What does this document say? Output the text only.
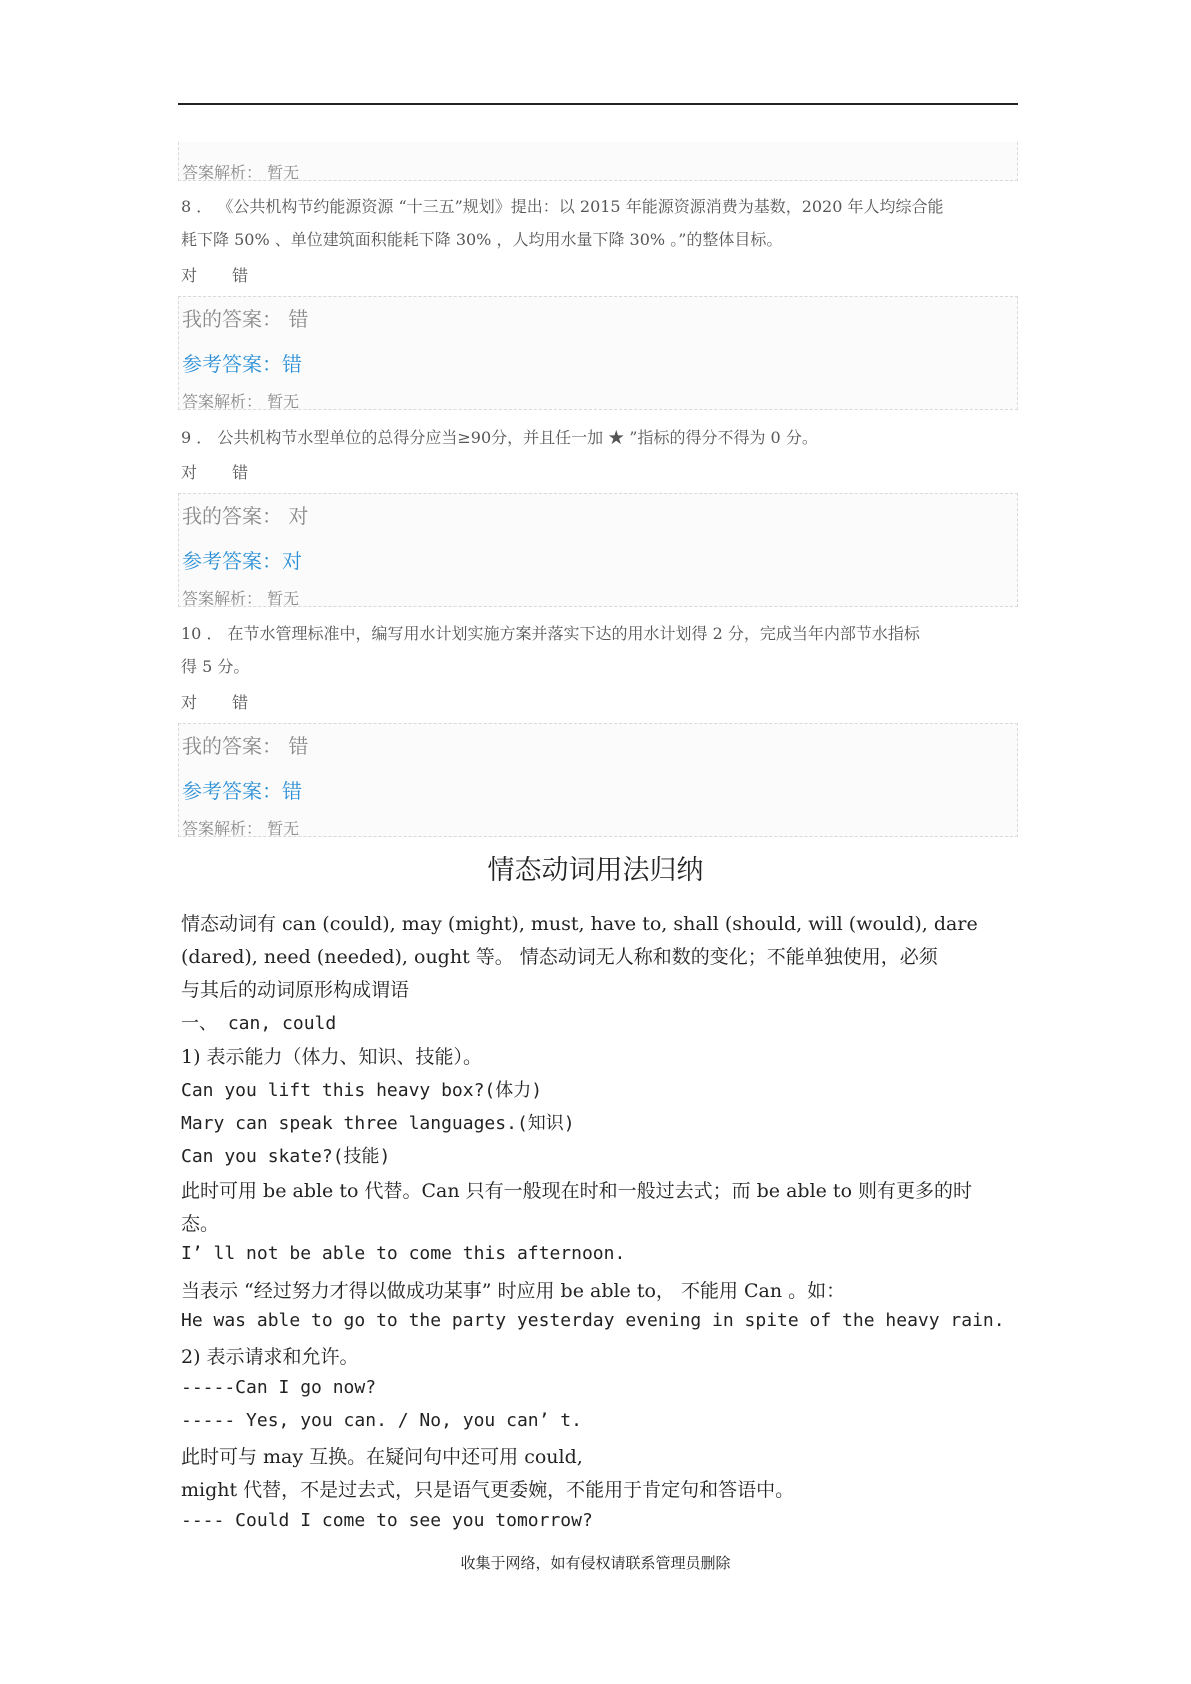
答案解析： 暂无
8 ． 《公共机构节约能源资源 “十三五”规划》提出：以 2015 年能源资源消费为基数，2020 年人均综合能
耗下降 50% 、单位建筑面积能耗下降 30% ，人均用水量下降 30% 。”的整体目标。
对 错
我的答案： 错
参考答案：错
答案解析： 暂无
9 ． 公共机构节水型单位的总得分应当≥90分，并且任一加 ★ ”指标的得分不得为 0 分。
对 错
我的答案： 对
参考答案：对
答案解析： 暂无
10 ． 在节水管理标准中，编写用水计划实施方案并落实下达的用水计划得 2 分，完成当年内部节水指标
得 5 分。
对 错
我的答案： 错
参考答案：错
答案解析： 暂无
情态动词用法归纳
情态动词有 can (could), may (might), must, have to, shall (should, will (would), dare
(dared), need (needed), ought 等。 情态动词无人称和数的变化；不能单独使用，必须
与其后的动词原形构成谓语
一、 can, could
1) 表示能力（体力、知识、技能）。
Can you lift this heavy box?(体力)
Mary can speak three languages.(知识)
Can you skate?(技能)
此时可用 be able to 代替。Can 只有一般现在时和一般过去式；而 be able to 则有更多的时
态。
I’ ll not be able to come this afternoon.
当表示 “经过努力才得以做成功某事” 时应用 be able to， 不能用 Can 。如：
He was able to go to the party yesterday evening in spite of the heavy rain.
2) 表示请求和允许。
-----Can I go now?
----- Yes, you can. / No, you can’ t.
此时可与 may 互换。在疑问句中还可用 could,
might 代替，不是过去式，只是语气更委婉，不能用于肯定句和答语中。
---- Could I come to see you tomorrow?
收集于网络，如有侵权请联系管理员删除
